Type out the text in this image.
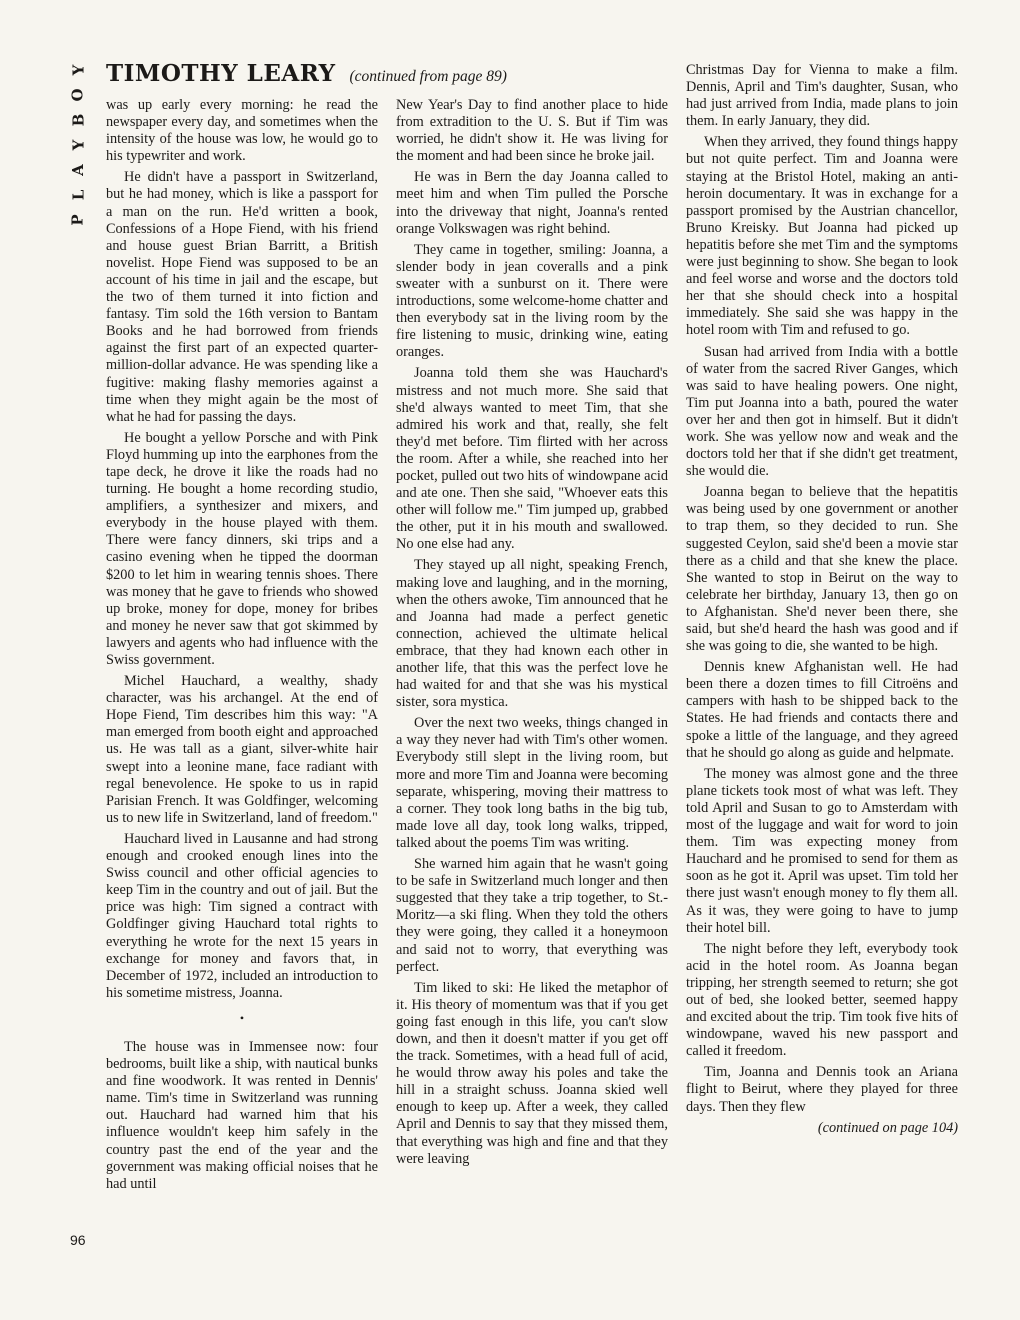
Y
O
B
Y
A
L
P
96
TIMOTHY LEARY (continued from page 89)

was up early every morning: he read the newspaper every day, and sometimes when the intensity of the house was low, he would go to his typewriter and work.

He didn't have a passport in Switzerland, but he had money, which is like a passport for a man on the run. He'd written a book, Confessions of a Hope Fiend, with his friend and house guest Brian Barritt, a British novelist. Hope Fiend was supposed to be an account of his time in jail and the escape, but the two of them turned it into fiction and fantasy. Tim sold the 16th version to Bantam Books and he had borrowed from friends against the first part of an expected quarter-million-dollar advance. He was spending like a fugitive: making flashy memories against a time when they might again be the most of what he had for passing the days.

He bought a yellow Porsche and with Pink Floyd humming up into the earphones from the tape deck, he drove it like the roads had no turning. He bought a home recording studio, amplifiers, a synthesizer and mixers, and everybody in the house played with them. There were fancy dinners, ski trips and a casino evening when he tipped the doorman $200 to let him in wearing tennis shoes. There was money that he gave to friends who showed up broke, money for dope, money for bribes and money he never saw that got skimmed by lawyers and agents who had influence with the Swiss government.

Michel Hauchard, a wealthy, shady character, was his archangel. At the end of Hope Fiend, Tim describes him this way: "A man emerged from booth eight and approached us. He was tall as a giant, silver-white hair swept into a leonine mane, face radiant with regal benevolence. He spoke to us in rapid Parisian French. It was Goldfinger, welcoming us to new life in Switzerland, land of freedom."

Hauchard lived in Lausanne and had strong enough and crooked enough lines into the Swiss council and other official agencies to keep Tim in the country and out of jail. But the price was high: Tim signed a contract with Goldfinger giving Hauchard total rights to everything he wrote for the next 15 years in exchange for money and favors that, in December of 1972, included an introduction to his sometime mistress, Joanna.

•

The house was in Immensee now: four bedrooms, built like a ship, with nautical bunks and fine woodwork. It was rented in Dennis' name. Tim's time in Switzerland was running out. Hauchard had warned him that his influence wouldn't keep him safely in the country past the end of the year and the government was making official noises that he had until

New Year's Day to find another place to hide from extradition to the U. S. But if Tim was worried, he didn't show it. He was living for the moment and had been since he broke jail.

He was in Bern the day Joanna called to meet him and when Tim pulled the Porsche into the driveway that night, Joanna's rented orange Volkswagen was right behind.

They came in together, smiling: Joanna, a slender body in jean coveralls and a pink sweater with a sunburst on it. There were introductions, some welcome-home chatter and then everybody sat in the living room by the fire listening to music, drinking wine, eating oranges.

Joanna told them she was Hauchard's mistress and not much more. She said that she'd always wanted to meet Tim, that she admired his work and that, really, she felt they'd met before. Tim flirted with her across the room. After a while, she reached into her pocket, pulled out two hits of windowpane acid and ate one. Then she said, "Whoever eats this other will follow me." Tim jumped up, grabbed the other, put it in his mouth and swallowed. No one else had any.

They stayed up all night, speaking French, making love and laughing, and in the morning, when the others awoke, Tim announced that he and Joanna had made a perfect genetic connection, achieved the ultimate helical embrace, that they had known each other in another life, that this was the perfect love he had waited for and that she was his mystical sister, sora mystica.

Over the next two weeks, things changed in a way they never had with Tim's other women. Everybody still slept in the living room, but more and more Tim and Joanna were becoming separate, whispering, moving their mattress to a corner. They took long baths in the big tub, made love all day, took long walks, tripped, talked about the poems Tim was writing.

She warned him again that he wasn't going to be safe in Switzerland much longer and then suggested that they take a trip together, to St.-Moritz—a ski fling. When they told the others they were going, they called it a honeymoon and said not to worry, that everything was perfect.

Tim liked to ski: He liked the metaphor of it. His theory of momentum was that if you get going fast enough in this life, you can't slow down, and then it doesn't matter if you get off the track. Sometimes, with a head full of acid, he would throw away his poles and take the hill in a straight schuss. Joanna skied well enough to keep up. After a week, they called April and Dennis to say that they missed them, that everything was high and fine and that they were leaving

Christmas Day for Vienna to make a film. Dennis, April and Tim's daughter, Susan, who had just arrived from India, made plans to join them. In early January, they did.

When they arrived, they found things happy but not quite perfect. Tim and Joanna were staying at the Bristol Hotel, making an anti-heroin documentary. It was in exchange for a passport promised by the Austrian chancellor, Bruno Kreisky. But Joanna had picked up hepatitis before she met Tim and the symptoms were just beginning to show. She began to look and feel worse and worse and the doctors told her that she should check into a hospital immediately. She said she was happy in the hotel room with Tim and refused to go.

Susan had arrived from India with a bottle of water from the sacred River Ganges, which was said to have healing powers. One night, Tim put Joanna into a bath, poured the water over her and then got in himself. But it didn't work. She was yellow now and weak and the doctors told her that if she didn't get treatment, she would die.

Joanna began to believe that the hepatitis was being used by one government or another to trap them, so they decided to run. She suggested Ceylon, said she'd been a movie star there as a child and that she knew the place. She wanted to stop in Beirut on the way to celebrate her birthday, January 13, then go on to Afghanistan. She'd never been there, she said, but she'd heard the hash was good and if she was going to die, she wanted to be high.

Dennis knew Afghanistan well. He had been there a dozen times to fill Citroëns and campers with hash to be shipped back to the States. He had friends and contacts there and spoke a little of the language, and they agreed that he should go along as guide and helpmate.

The money was almost gone and the three plane tickets took most of what was left. They told April and Susan to go to Amsterdam with most of the luggage and wait for word to join them. Tim was expecting money from Hauchard and he promised to send for them as soon as he got it. April was upset. Tim told her there just wasn't enough money to fly them all. As it was, they were going to have to jump their hotel bill.

The night before they left, everybody took acid in the hotel room. As Joanna began tripping, her strength seemed to return; she got out of bed, she looked better, seemed happy and excited about the trip. Tim took five hits of windowpane, waved his new passport and called it freedom.

Tim, Joanna and Dennis took an Ariana flight to Beirut, where they played for three days. Then they flew

(continued on page 104)
